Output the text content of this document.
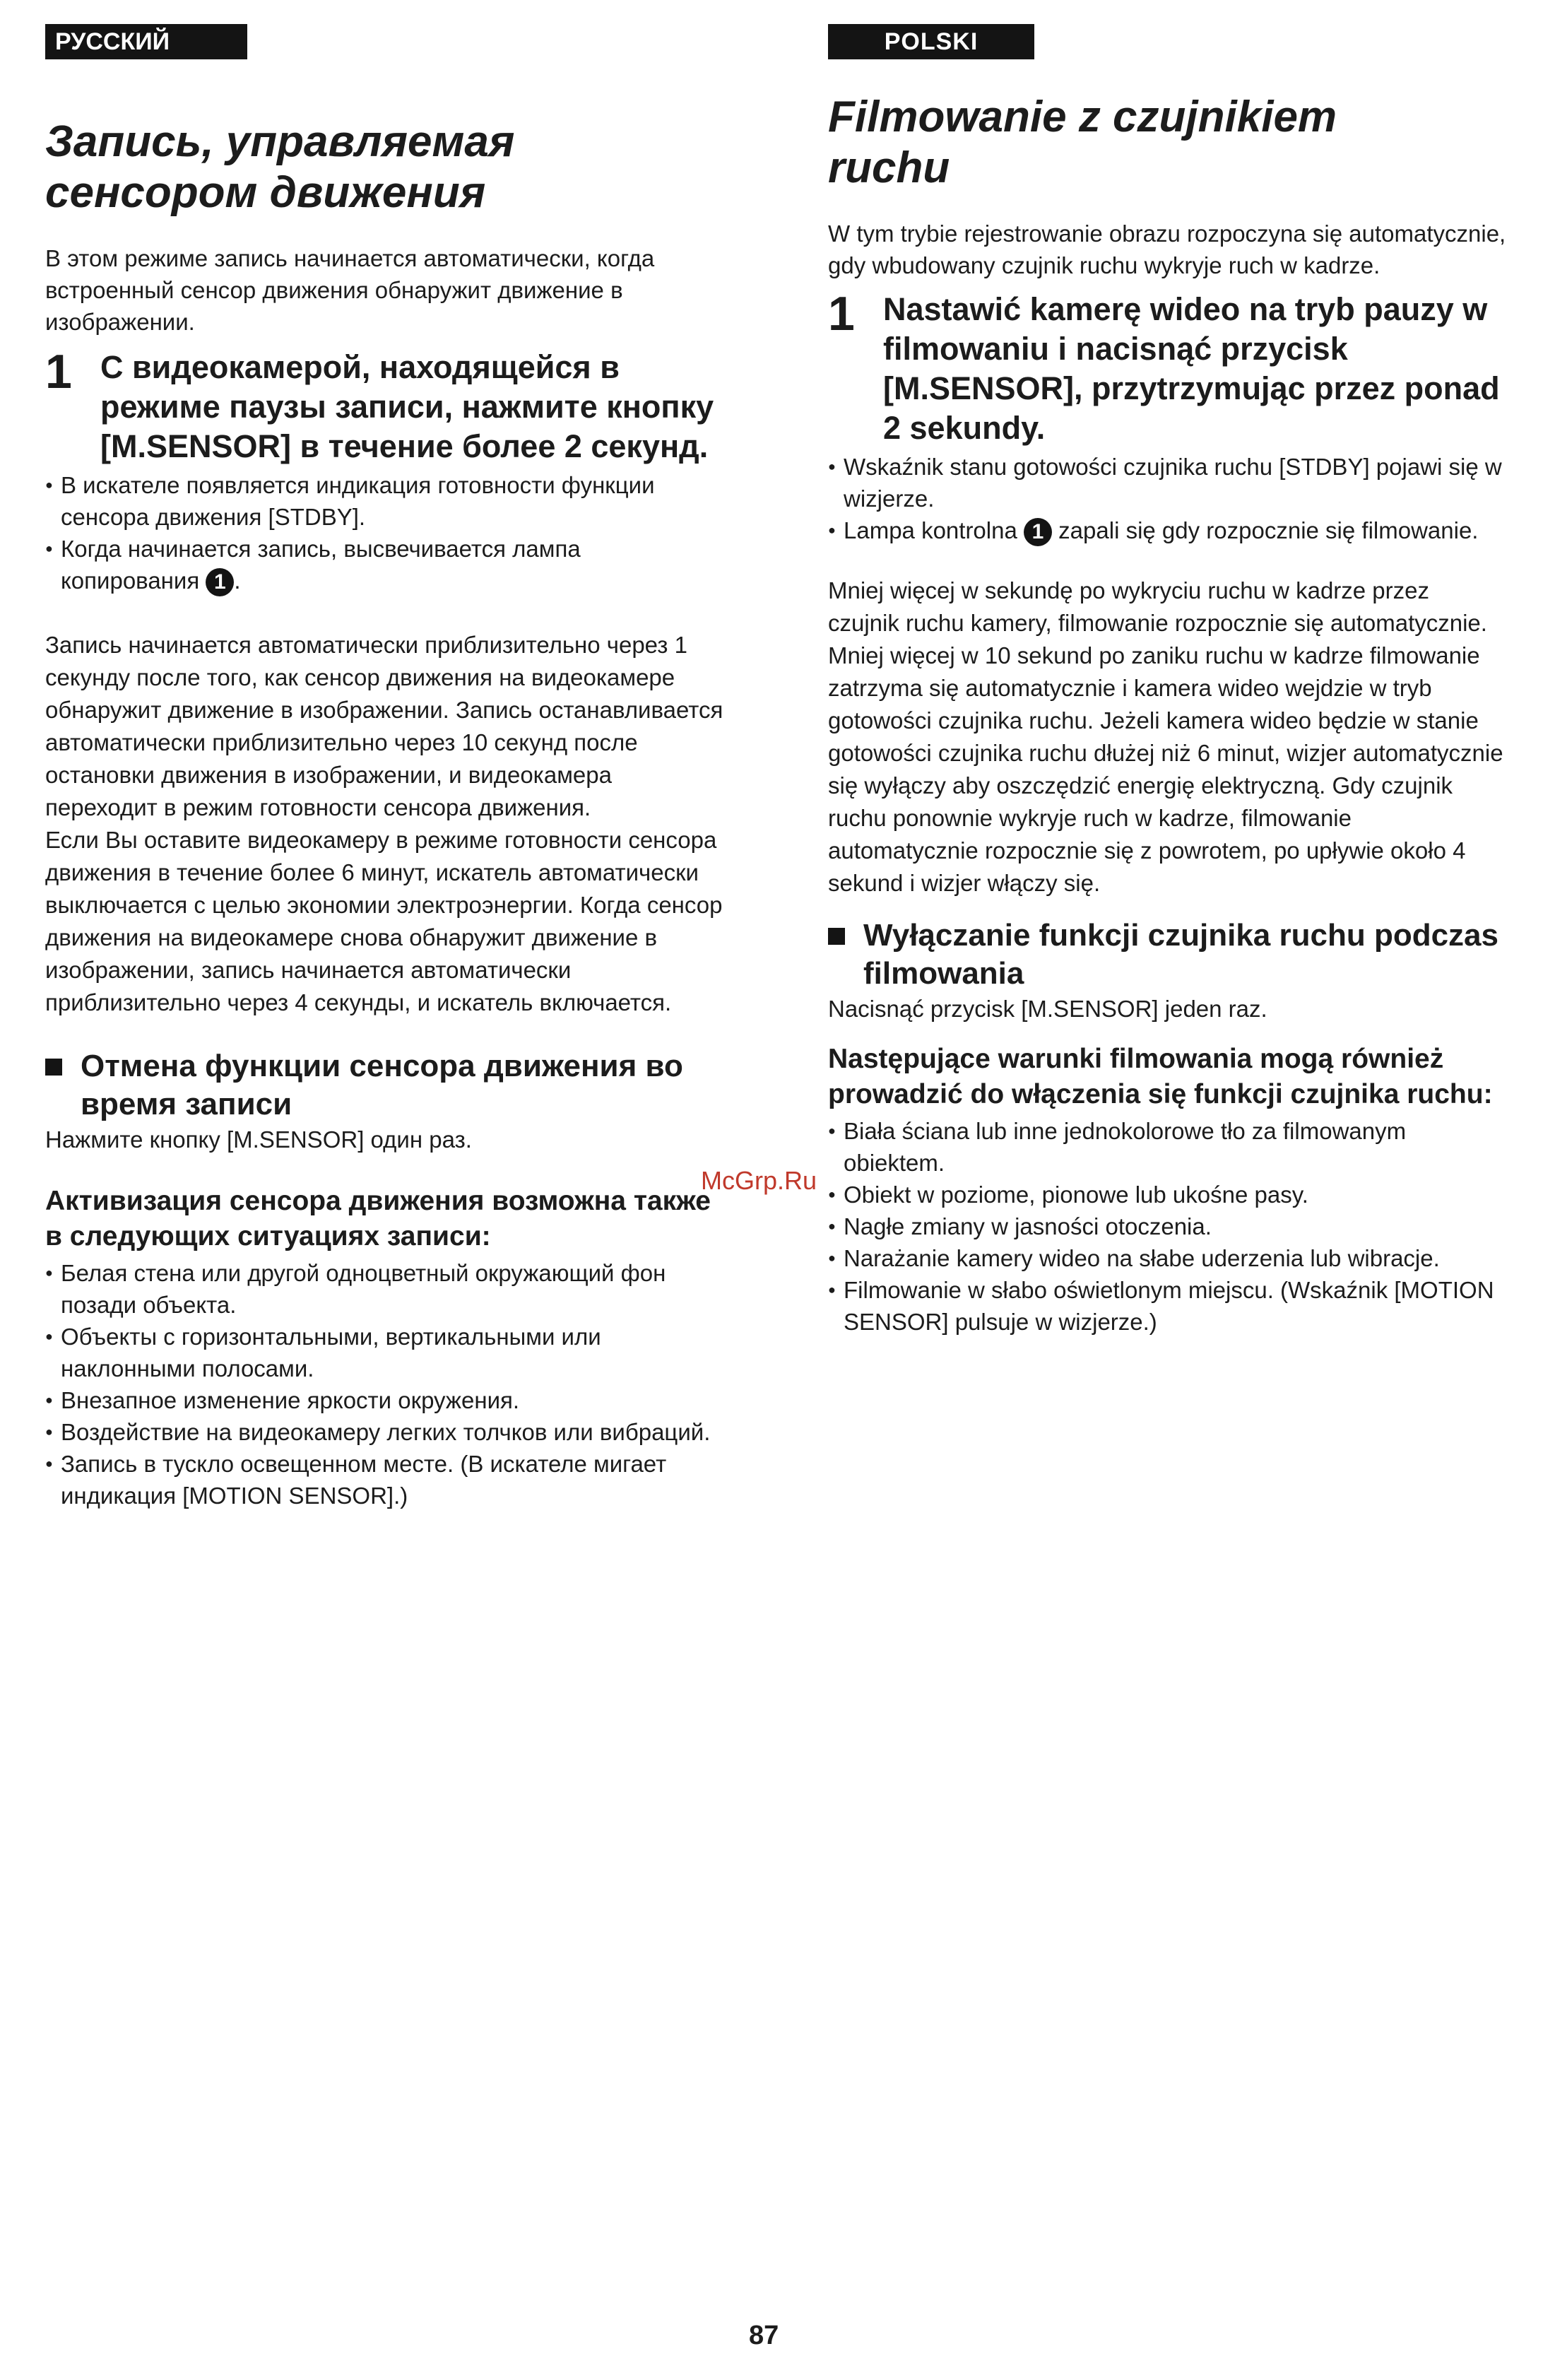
РУССКИЙ ЯЗЫК
Запись, управляемая
сенсором движения

В этом режиме запись начинается автоматически, когда встроенный сенсор движения обнаружит движение в изображении.

1 С видеокамерой, находящейся в режиме паузы записи, нажмите кнопку [M.SENSOR] в течение более 2 секунд.
● В искателе появляется индикация готовности функции сенсора движения [STDBY].
● Когда начинается запись, высвечивается лампа копирования 1 .

Запись начинается автоматически приблизительно через 1 секунду после того, как сенсор движения на видеокамере обнаружит движение в изображении. Запись останавливается автоматически приблизительно через 10 секунд после остановки движения в изображении, и видеокамера переходит в режим готовности сенсора движения.

Если Вы оставите видеокамеру в режиме готовности сенсора движения в течение более 6 минут, искатель автоматически выключается с целью экономии электроэнергии. Когда сенсор движения на видеокамере снова обнаружит движение в изображении, запись начинается автоматически приблизительно через 4 секунды, и искатель включается.

Отмена функции сенсора движения во время записи

Нажмите кнопку [M.SENSOR] один раз.

Активизация сенсора движения возможна также в следующих ситуациях записи:
● Белая стена или другой одноцветный окружающий фон позади объекта.
● Объекты с горизонтальными, вертикальными или наклонными полосами.
● Внезапное изменение яркости окружения.
● Воздействие на видеокамеру легких толчков или вибраций.
● Запись в тускло освещенном месте. (В искателе мигает индикация [MOTION SENSOR].)
POLSKI
Filmowanie z czujnikiem
ruchu

W tym trybie rejestrowanie obrazu rozpoczyna się automatycznie, gdy wbudowany czujnik ruchu wykryje ruch w kadrze.

1 Nastawić kamerę wideo na tryb pauzy w filmowaniu i nacisnąć przycisk [M.SENSOR], przytrzymując przez ponad 2 sekundy.
● Wskaźnik stanu gotowości czujnika ruchu [STDBY] pojawi się w wizjerze.
● Lampa kontrolna 1 zapali się gdy rozpocznie się filmowanie.

Mniej więcej w sekundę po wykryciu ruchu w kadrze przez czujnik ruchu kamery, filmowanie rozpocznie się automatycznie. Mniej więcej w 10 sekund po zaniku ruchu w kadrze filmowanie zatrzyma się automatycznie i kamera wideo wejdzie w tryb gotowości czujnika ruchu. Jeżeli kamera wideo będzie w stanie gotowości czujnika ruchu dłużej niż 6 minut, wizjer automatycznie się wyłączy aby oszczędzić energię elektryczną. Gdy czujnik ruchu ponownie wykryje ruch w kadrze, filmowanie automatycznie rozpocznie się z powrotem, po upływie około 4 sekund i wizjer włączy się.

Wyłączanie funkcji czujnika ruchu podczas filmowania

Nacisnąć przycisk [M.SENSOR] jeden raz.

Następujące warunki filmowania mogą również prowadzić do włączenia się funkcji czujnika ruchu:
● Biała ściana lub inne jednokolorowe tło za filmowanym obiektem.
● Obiekt w poziome, pionowe lub ukośne pasy.
● Nagłe zmiany w jasności otoczenia.
● Narażanie kamery wideo na słabe uderzenia lub wibracje.
● Filmowanie w słabo oświetlonym miejscu. (Wskaźnik [MOTION SENSOR] pulsuje w wizjerze.)
McGrp.Ru
87
